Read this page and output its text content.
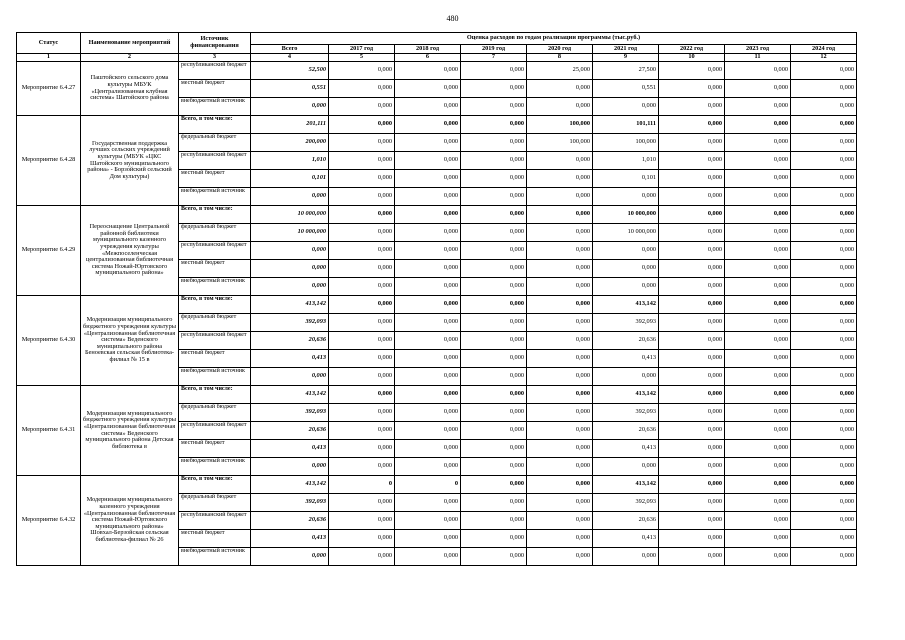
480
Статус	Наименование мероприятий	Источник финансирования	Оценка расходов по годам реализации программы (тыс.руб.)								
			Всего	2017 год	2018 год	2019 год	2020 год	2021 год	2022 год	2023 год	2024 год
1	2	3	4	5	6	7	8	9	10	11	12
Мероприятие 6.4.27	Паштойского сельского дома культуры МБУК «Централизованная клубная система» Шатойского района	республиканский бюджет	52,500	0,000	0,000	0,000	25,000	27,500	0,000	0,000	0,000
		местный бюджет	0,551	0,000	0,000	0,000	0,000	0,551	0,000	0,000	0,000
		внебюджетный источник	0,000	0,000	0,000	0,000	0,000	0,000	0,000	0,000	0,000
Мероприятие 6.4.28	Государственная поддержка лучших сельских учреждений культуры (МБУК «ЦКС Шатойского муниципального района» - Борзойский сельский Дом культуры)	Всего, в том числе:	201,111	0,000	0,000	0,000	100,000	101,111	0,000	0,000	0,000
		федеральный бюджет	200,000	0,000	0,000	0,000	100,000	100,000	0,000	0,000	0,000
		республиканский бюджет	1,010	0,000	0,000	0,000	0,000	1,010	0,000	0,000	0,000
		местный бюджет	0,101	0,000	0,000	0,000	0,000	0,101	0,000	0,000	0,000
		внебюджетный источник	0,000	0,000	0,000	0,000	0,000	0,000	0,000	0,000	0,000
Мероприятие 6.4.29	Переоснащение Центральной районной библиотеки муниципального казенного учреждения культуры «Межпоселенческая централизованная библиотечная система Ножай-Юртовского муниципального района»	Всего, в том числе:	10 000,000	0,000	0,000	0,000	0,000	10 000,000	0,000	0,000	0,000
		федеральный бюджет	10 000,000	0,000	0,000	0,000	0,000	10 000,000	0,000	0,000	0,000
		республиканский бюджет	0,000	0,000	0,000	0,000	0,000	0,000	0,000	0,000	0,000
		местный бюджет	0,000	0,000	0,000	0,000	0,000	0,000	0,000	0,000	0,000
		внебюджетный источник	0,000	0,000	0,000	0,000	0,000	0,000	0,000	0,000	0,000
Мероприятие 6.4.30	Модернизация муниципального бюджетного учреждения культуры «Централизованная библиотечная система» Веденского муниципального района Беноевская сельская библиотека-филиал № 15 в	Всего, в том числе:	413,142	0,000	0,000	0,000	0,000	413,142	0,000	0,000	0,000
		федеральный бюджет	392,093	0,000	0,000	0,000	0,000	392,093	0,000	0,000	0,000
		республиканский бюджет	20,636	0,000	0,000	0,000	0,000	20,636	0,000	0,000	0,000
		местный бюджет	0,413	0,000	0,000	0,000	0,000	0,413	0,000	0,000	0,000
		внебюджетный источник	0,000	0,000	0,000	0,000	0,000	0,000	0,000	0,000	0,000
Мероприятие 6.4.31	Модернизация муниципального бюджетного учреждения культуры «Централизованная библиотечная система» Веденского муниципального района Детская библиотека в	Всего, в том числе:	413,142	0,000	0,000	0,000	0,000	413,142	0,000	0,000	0,000
		федеральный бюджет	392,093	0,000	0,000	0,000	0,000	392,093	0,000	0,000	0,000
		республиканский бюджет	20,636	0,000	0,000	0,000	0,000	20,636	0,000	0,000	0,000
		местный бюджет	0,413	0,000	0,000	0,000	0,000	0,413	0,000	0,000	0,000
		внебюджетный источник	0,000	0,000	0,000	0,000	0,000	0,000	0,000	0,000	0,000
Мероприятие 6.4.32	Модернизация муниципального казенного учреждения «Централизованная библиотечная система Ножай-Юртовского муниципального района» Шовхал-Берзойская сельская библиотека-филиал № 26	Всего, в том числе:	413,142	0	0	0,000	0,000	413,142	0,000	0,000	0,000
		федеральный бюджет	392,093	0,000	0,000	0,000	0,000	392,093	0,000	0,000	0,000
		республиканский бюджет	20,636	0,000	0,000	0,000	0,000	20,636	0,000	0,000	0,000
		местный бюджет	0,413	0,000	0,000	0,000	0,000	0,413	0,000	0,000	0,000
		внебюджетный источник	0,000	0,000	0,000	0,000	0,000	0,000	0,000	0,000	0,000
